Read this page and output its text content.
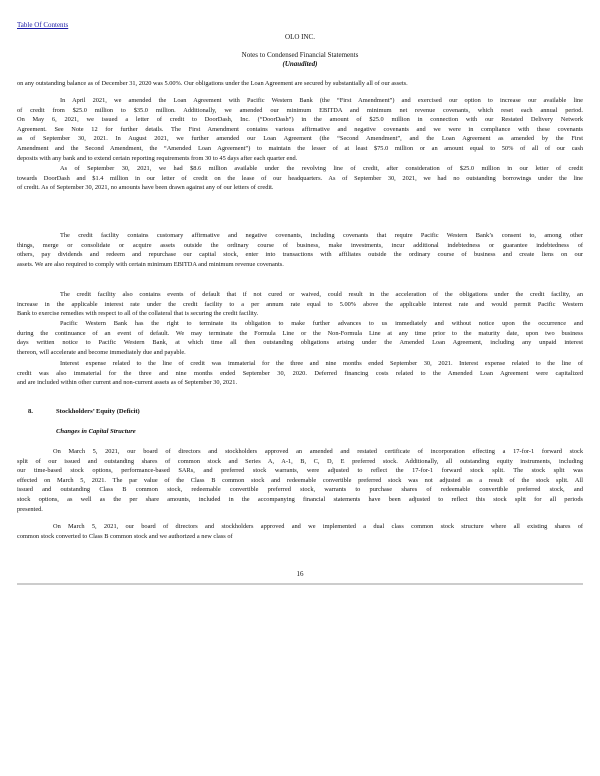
Table Of Contents
OLO INC.
Notes to Condensed Financial Statements
(Unaudited)
on any outstanding balance as of December 31, 2020 was 5.00%. Our obligations under the Loan Agreement are secured by substantially all of our assets.
In April 2021, we amended the Loan Agreement with Pacific Western Bank (the “First Amendment”) and exercised our option to increase our available line
of credit from $25.0 million to $35.0 million. Additionally, we amended our minimum EBITDA and minimum net revenue covenants, which reset each annual period.
On May 6, 2021, we issued a letter of credit to DoorDash, Inc. (“DoorDash”) in the amount of $25.0 million in connection with our Restated Delivery Network
Agreement. See Note 12 for further details. The First Amendment contains various affirmative and negative covenants and we were in compliance with these covenants
as of September 30, 2021. In August 2021, we further amended our Loan Agreement (the “Second Amendment”, and the Loan Agreement as amended by the First
Amendment and the Second Amendment, the “Amended Loan Agreement”) to maintain the lesser of at least $75.0 million or an amount equal to 50% of all of our cash
deposits with any bank and to extend certain reporting requirements from 30 to 45 days after each quarter end.
As of September 30, 2021, we had $8.6 million available under the revolving line of credit, after consideration of $25.0 million in our letter of credit
towards DoorDash and $1.4 million in our letter of credit on the lease of our headquarters. As of September 30, 2021, we had no outstanding borrowings under the line
of credit. As of September 30, 2021, no amounts have been drawn against any of our letters of credit.
The credit facility contains customary affirmative and negative covenants, including covenants that require Pacific Western Bank’s consent to, among other
things, merge or consolidate or acquire assets outside the ordinary course of business, make investments, incur additional indebtedness or guarantee indebtedness of
others, pay dividends and redeem and repurchase our capital stock, enter into transactions with affiliates outside the ordinary course of business and create liens on our
assets. We are also required to comply with certain minimum EBITDA and minimum revenue covenants.
The credit facility also contains events of default that if not cured or waived, could result in the acceleration of the obligations under the credit facility, an
increase in the applicable interest rate under the credit facility to a per annum rate equal to 5.00% above the applicable interest rate and would permit Pacific Western
Bank to exercise remedies with respect to all of the collateral that is securing the credit facility.
Pacific Western Bank has the right to terminate its obligation to make further advances to us immediately and without notice upon the occurrence and
during the continuance of an event of default. We may terminate the Formula Line or the Non-Formula Line at any time prior to the maturity date, upon two business
days written notice to Pacific Western Bank, at which time all then outstanding obligations arising under the Amended Loan Agreement, including any unpaid interest
thereon, will accelerate and become immediately due and payable.
Interest expense related to the line of credit was immaterial for the three and nine months ended September 30, 2021. Interest expense related to the line of
credit was also immaterial for the three and nine months ended September 30, 2020. Deferred financing costs related to the Amended Loan Agreement were capitalized
and are included within other current and non-current assets as of September 30, 2021.
On March 5, 2021, our board of directors and stockholders approved an amended and restated certificate of incorporation effecting a 17-for-1 forward stock
split of our issued and outstanding shares of common stock and Series A, A-1, B, C, D, E preferred stock. Additionally, all outstanding equity instruments, including
our time-based stock options, performance-based SARs, and preferred stock warrants, were adjusted to reflect the 17-for-1 forward stock split. The stock split was
effected on March 5, 2021. The par value of the Class B common stock and redeemable convertible preferred stock was not adjusted as a result of the stock split. All
issued and outstanding Class B common stock, redeemable convertible preferred stock, warrants to purchase shares of redeemable convertible preferred stock, and
stock options, as well as the per share amounts, included in the accompanying financial statements have been adjusted to reflect this stock split for all periods
presented.
On March 5, 2021, our board of directors and stockholders approved and we implemented a dual class common stock structure where all existing shares of
common stock converted to Class B common stock and we authorized a new class of
8.	Stockholders’ Equity (Deficit)
Changes in Capital Structure
16
